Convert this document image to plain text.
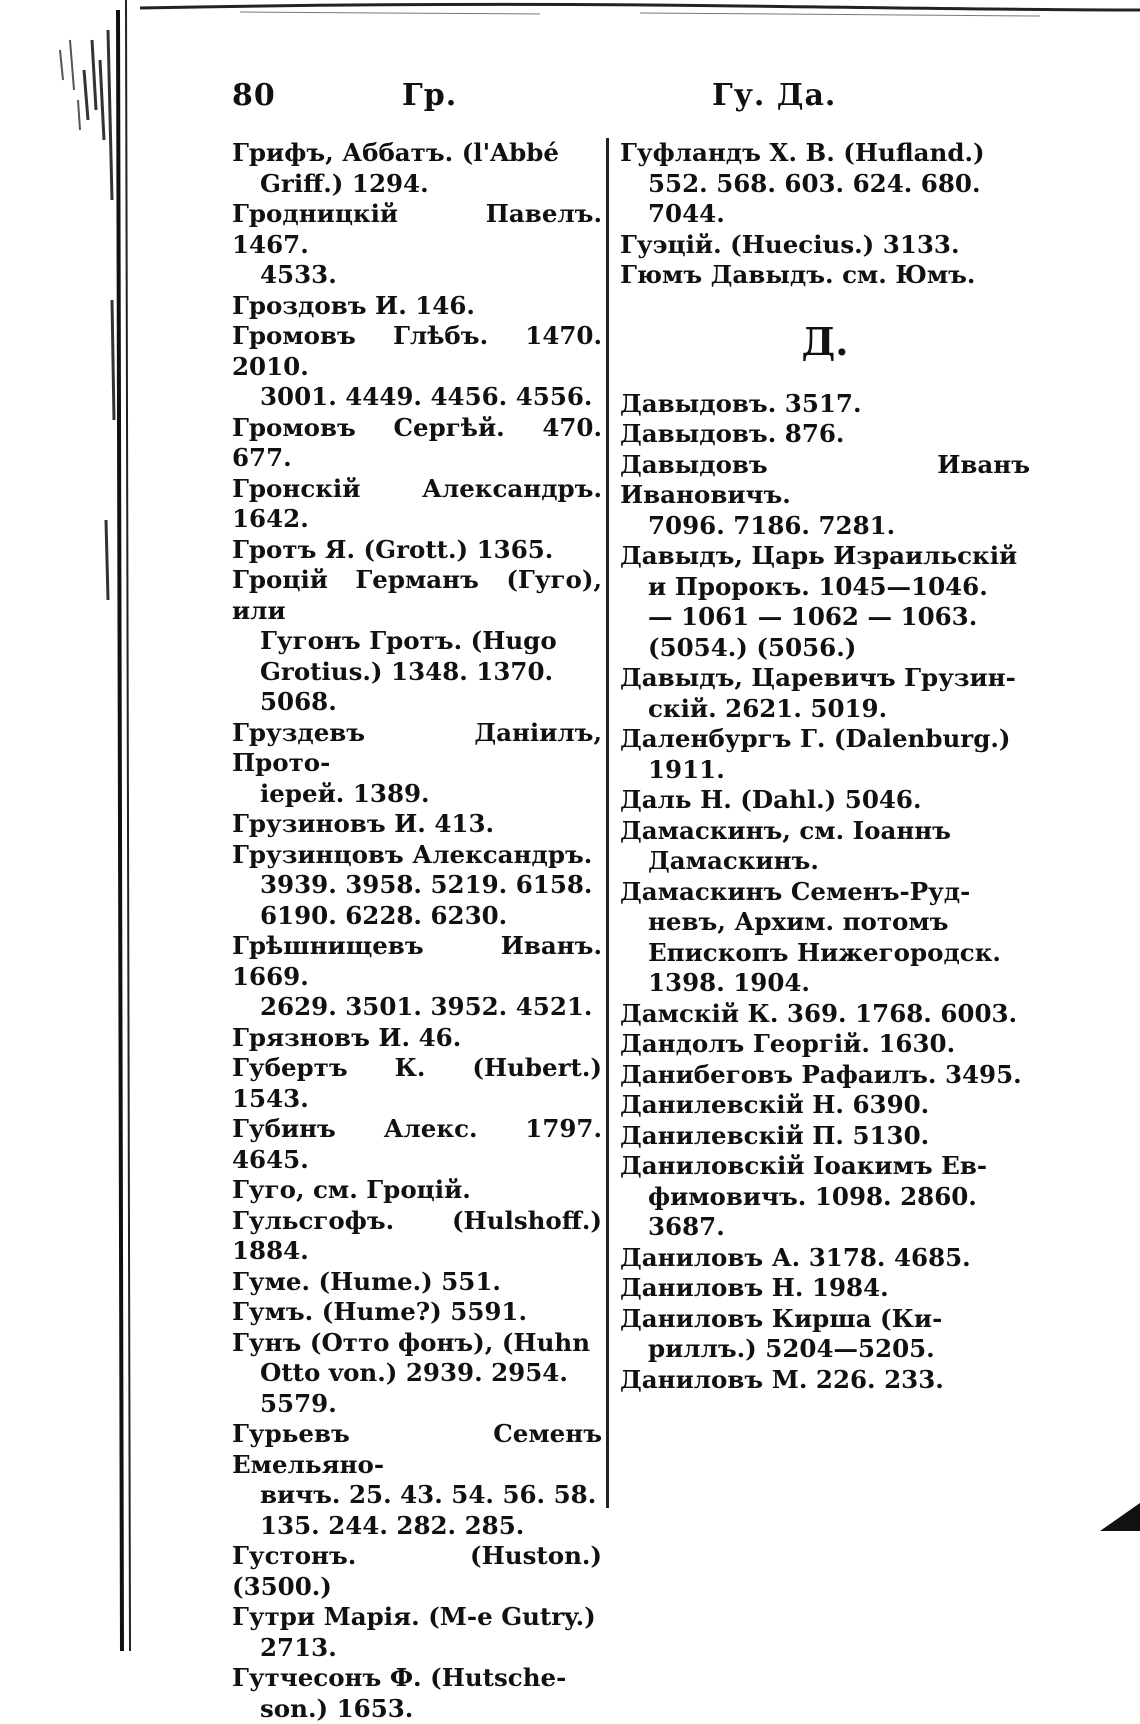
80	Гр.	Гу. Да.
Грифъ, Аббатъ. (l'Abbé
Griff.) 1294.
Гродницкій Павелъ. 1467.
4533.
Гроздовъ И. 146.
Громовъ Глѣбъ. 1470. 2010.
3001. 4449. 4456. 4556.
Громовъ Сергѣй. 470. 677.
Гронскій Александръ. 1642.
Гротъ Я. (Grott.) 1365.
Гроцій Германъ (Гуго), или
Гугонъ Гротъ. (Hugo
Grotius.) 1348. 1370.
5068.
Груздевъ Даніилъ, Прото-
іерей. 1389.
Грузиновъ И. 413.
Грузинцовъ Александръ.
3939. 3958. 5219. 6158.
6190. 6228. 6230.
Грѣшнищевъ Иванъ. 1669.
2629. 3501. 3952. 4521.
Грязновъ И. 46.
Губертъ К. (Hubert.) 1543.
Губинъ Алекс. 1797. 4645.
Гуго, см. Гроцій.
Гульсгофъ. (Hulshoff.) 1884.
Гуме. (Hume.) 551.
Гумъ. (Hume?) 5591.
Гунъ (Отто фонъ), (Huhn
Otto von.) 2939. 2954.
5579.
Гурьевъ Семенъ Емельяно-
вичъ. 25. 43. 54. 56. 58.
135. 244. 282. 285.
Густонъ. (Huston.) (3500.)
Гутри Марія. (M-e Gutry.)
2713.
Гутчесонъ Ф. (Hutsche-
son.) 1653.
Гуфландъ Х. В. (Hufland.)
552. 568. 603. 624. 680.
7044.
Гуэцій. (Huecius.) 3133.
Гюмъ Давыдъ. см. Юмъ.
Д.
Давыдовъ. 3517.
Давыдовъ. 876.
Давыдовъ Иванъ Ивановичъ.
7096. 7186. 7281.
Давыдъ, Царь Израильскій
и Пророкъ. 1045—1046.
— 1061 — 1062 — 1063.
(5054.) (5056.)
Давыдъ, Царевичъ Грузин-
скій. 2621. 5019.
Даленбургъ Г. (Dalenburg.)
1911.
Даль Н. (Dahl.) 5046.
Дамаскинъ, см. Іоаннъ
Дамаскинъ.
Дамаскинъ Семенъ-Руд-
невъ, Архим. потомъ
Епископъ Нижегородск.
1398. 1904.
Дамскій К. 369. 1768. 6003.
Дандолъ Георгій. 1630.
Данибеговъ Рафаилъ. 3495.
Данилевскій Н. 6390.
Данилевскій П. 5130.
Даниловскій Іоакимъ Ев-
фимовичъ. 1098. 2860.
3687.
Даниловъ А. 3178. 4685.
Даниловъ Н. 1984.
Даниловъ Кирша (Ки-
риллъ.) 5204—5205.
Даниловъ М. 226. 233.
